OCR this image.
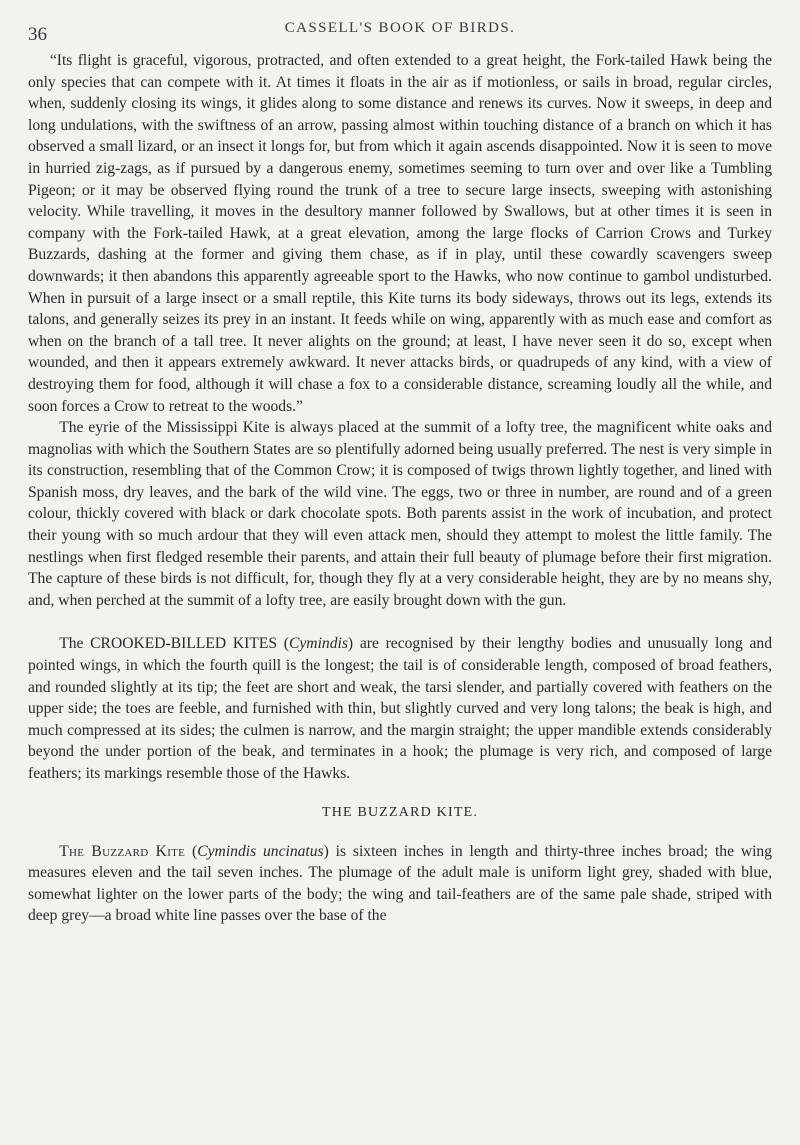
36	CASSELL'S BOOK OF BIRDS.

“Its flight is graceful, vigorous, protracted, and often extended to a great height, the Fork-tailed Hawk being the only species that can compete with it. At times it floats in the air as if motionless, or sails in broad, regular circles, when, suddenly closing its wings, it glides along to some distance and renews its curves. Now it sweeps, in deep and long undulations, with the swiftness of an arrow, passing almost within touching distance of a branch on which it has observed a small lizard, or an insect it longs for, but from which it again ascends disappointed. Now it is seen to move in hurried zig-zags, as if pursued by a dangerous enemy, sometimes seeming to turn over and over like a Tumbling Pigeon; or it may be observed flying round the trunk of a tree to secure large insects, sweeping with astonishing velocity. While travelling, it moves in the desultory manner followed by Swallows, but at other times it is seen in company with the Fork-tailed Hawk, at a great elevation, among the large flocks of Carrion Crows and Turkey Buzzards, dashing at the former and giving them chase, as if in play, until these cowardly scavengers sweep downwards; it then abandons this apparently agreeable sport to the Hawks, who now continue to gambol undisturbed. When in pursuit of a large insect or a small reptile, this Kite turns its body sideways, throws out its legs, extends its talons, and generally seizes its prey in an instant. It feeds while on wing, apparently with as much ease and comfort as when on the branch of a tall tree. It never alights on the ground; at least, I have never seen it do so, except when wounded, and then it appears extremely awkward. It never attacks birds, or quadrupeds of any kind, with a view of destroying them for food, although it will chase a fox to a considerable distance, screaming loudly all the while, and soon forces a Crow to retreat to the woods.”

The eyrie of the Mississippi Kite is always placed at the summit of a lofty tree, the magnificent white oaks and magnolias with which the Southern States are so plentifully adorned being usually preferred. The nest is very simple in its construction, resembling that of the Common Crow; it is composed of twigs thrown lightly together, and lined with Spanish moss, dry leaves, and the bark of the wild vine. The eggs, two or three in number, are round and of a green colour, thickly covered with black or dark chocolate spots. Both parents assist in the work of incubation, and protect their young with so much ardour that they will even attack men, should they attempt to molest the little family. The nestlings when first fledged resemble their parents, and attain their full beauty of plumage before their first migration. The capture of these birds is not difficult, for, though they fly at a very considerable height, they are by no means shy, and, when perched at the summit of a lofty tree, are easily brought down with the gun.

The CROOKED-BILLED KITES (Cymindis) are recognised by their lengthy bodies and unusually long and pointed wings, in which the fourth quill is the longest; the tail is of considerable length, composed of broad feathers, and rounded slightly at its tip; the feet are short and weak, the tarsi slender, and partially covered with feathers on the upper side; the toes are feeble, and furnished with thin, but slightly curved and very long talons; the beak is high, and much compressed at its sides; the culmen is narrow, and the margin straight; the upper mandible extends considerably beyond the under portion of the beak, and terminates in a hook; the plumage is very rich, and composed of large feathers; its markings resemble those of the Hawks.

THE BUZZARD KITE.

The Buzzard Kite (Cymindis uncinatus) is sixteen inches in length and thirty-three inches broad; the wing measures eleven and the tail seven inches. The plumage of the adult male is uniform light grey, shaded with blue, somewhat lighter on the lower parts of the body; the wing and tail-feathers are of the same pale shade, striped with deep grey—a broad white line passes over the base of the
